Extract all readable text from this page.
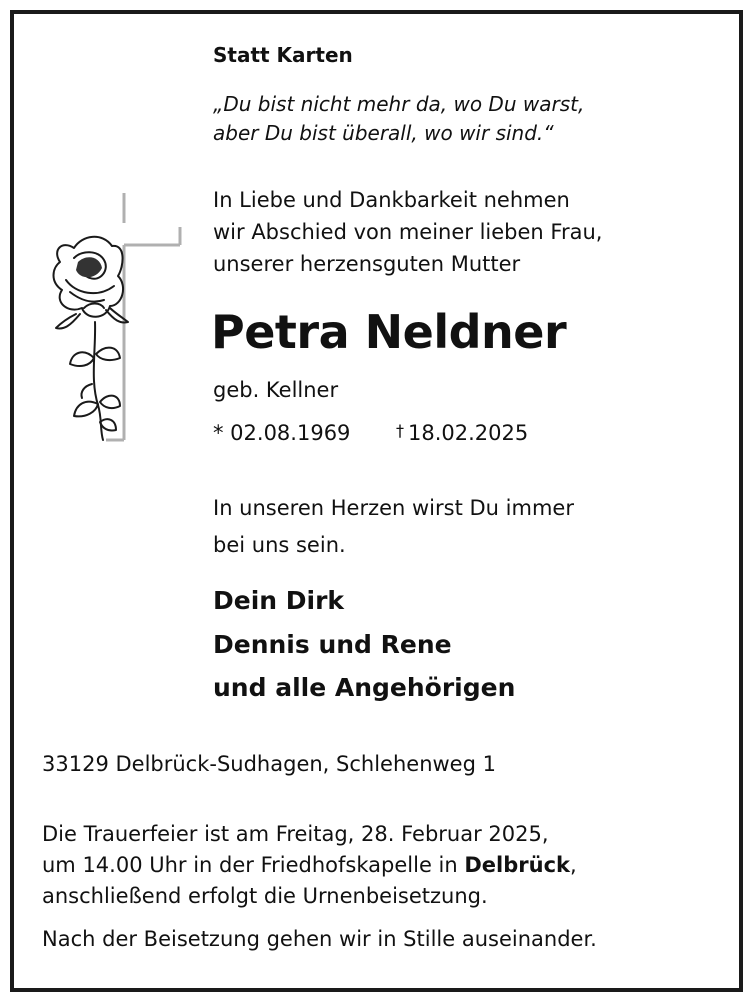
Statt Karten
„Du bist nicht mehr da, wo Du warst,
aber Du bist überall, wo wir sind.“
In Liebe und Dankbarkeit nehmen
wir Abschied von meiner lieben Frau,
unserer herzensguten Mutter
Petra Neldner
geb. Kellner
* 02.08.1969	† 18.02.2025
In unseren Herzen wirst Du immer
bei uns sein.
Dein Dirk
Dennis und Rene
und alle Angehörigen
33129 Delbrück-Sudhagen, Schlehenweg 1
Die Trauerfeier ist am Freitag, 28. Februar 2025,
um 14.00 Uhr in der Friedhofskapelle in Delbrück,
anschließend erfolgt die Urnenbeisetzung.
Nach der Beisetzung gehen wir in Stille auseinander.
